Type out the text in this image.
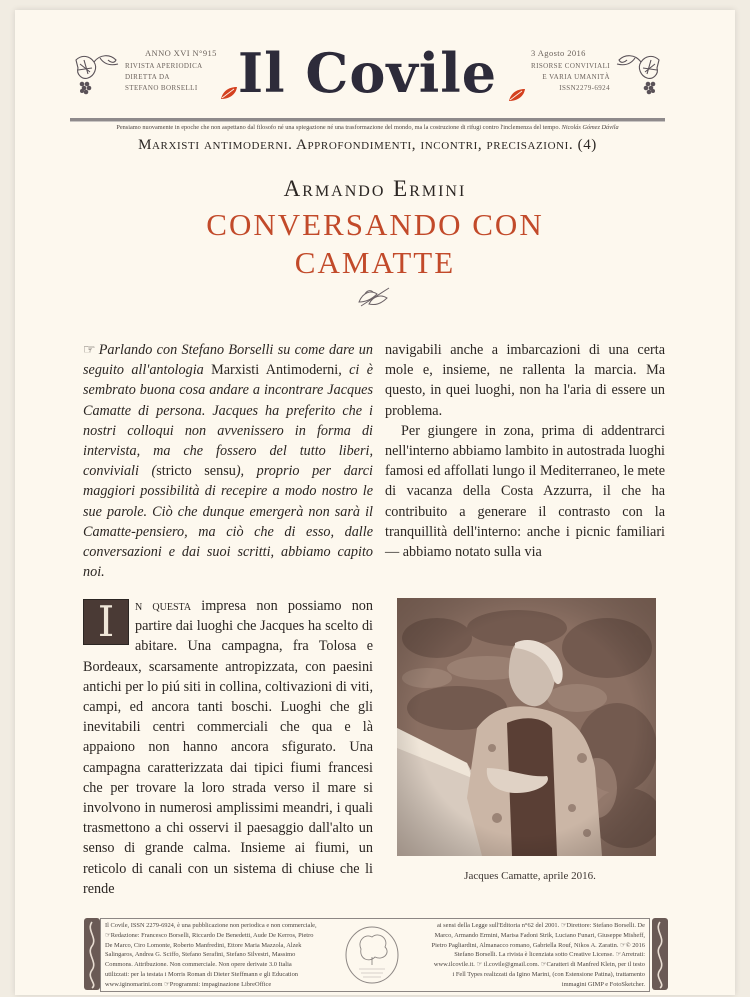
ANNO XVI N°915
RIVISTA APERIODICA
DIRETTA DA
STEFANO BORSELLI Il Covile	3 Agosto 2016
RISORSE CONVIVIALI
E VARIA UMANITÀ
ISSN2279-6924
Pensiamo nuovamente in epoche che non aspettano dal filosofo né una spiegazione né una trasformazione del mondo, ma la costruzione di rifugi contro l'inclemenza del tempo. Nicolás Gómez Dávila
Marxisti antimoderni. Approfondimenti, incontri, precisazioni. (4)
Armando Ermini
CONVERSANDO CON
CAMATTE
☞ Parlando con Stefano Borselli su come dare un seguito all'antologia Marxisti Antimoderni, ci è sembrato buona cosa andare a incontrare Jacques Camatte di persona. Jacques ha preferito che i nostri colloqui non avvenissero in forma di intervista, ma che fossero del tutto liberi, conviviali (stricto sensu), proprio per darci maggiori possibilità di recepire a modo nostro le sue parole. Ciò che dunque emergerà non sarà il Camatte-pensiero, ma ciò che di esso, dalle conversazioni e dai suoi scritti, abbiamo capito noi.

navigabili anche a imbarcazioni di una certa mole e, insieme, ne rallenta la marcia. Ma questo, in quei luoghi, non ha l'aria di essere un problema.

Per giungere in zona, prima di addentrarci nell'interno abbiamo lambito in autostrada luoghi famosi ed affollati lungo il Mediterraneo, le mete di vacanza della Costa Azzurra, il che ha contribuito a generare il contrasto con la tranquillità dell'interno: anche i picnic familiari — abbiamo notato sulla via

I	n questa impresa non possiamo non partire dai luoghi che Jacques ha scelto di abitare. Una campagna, fra Tolosa e Bordeaux, scarsamente antropizzata, con paesini antichi per lo piú siti in collina, coltivazioni di viti, campi, ed ancora tanti boschi. Luoghi che gli inevitabili centri commerciali che qua e là appaiono non hanno ancora sfigurato. Una campagna caratterizzata dai tipici fiumi francesi che per trovare la loro strada verso il mare si involvono in numerosi amplissimi meandri, i quali trasmettono a chi osservi il paesaggio dall'alto un senso di grande calma. Insieme ai fiumi, un reticolo di canali con un sistema di chiuse che li rende
Jacques Camatte, aprile 2016.
Il Covile, ISSN 2279-6924, è una pubblicazione non periodica e non commerciale, ☞Redazione: Francesco Borselli, Riccardo De Benedetti, Aude De Kerros, Pietro De Marco, Ciro Lomonte, Roberto Manfredini, Ettore Maria Mazzola, Alzek Salingaros, Andrea G. Sciffo, Stefano Serafini, Stefano Silvestri, Massimo Commons. Attribuzione. Non commerciale. Non opere derivate 3.0 Italia utilizzati: per la testata i Morris Roman di Dieter Steffmann e gli Education www.iginomarini.com ☞Programmi: impaginazione LibreOffice
ai sensi della Legge sull'Editoria n°62 del 2001. ☞Direttore: Stefano Borselli. De Marco, Armando Ermini, Marisa Fadoni Strik, Luciano Funari, Giuseppe Misheff, Pietro Pagliardini, Almanacco romano, Gabriella Rouf, Nikos A. Zaratin. ☞© 2016 Stefano Borselli. La rivista è licenziata sotto Creative License. ☞Arretrati: www.ilcovile.it. ☞ il.covile@gmail.com. ☞Caratteri di Manfred Klein, per il testo i Fell Types realizzati da Igino Marini, (con Estensione Patina), trattamento immagini GIMP e FotoSketcher.
